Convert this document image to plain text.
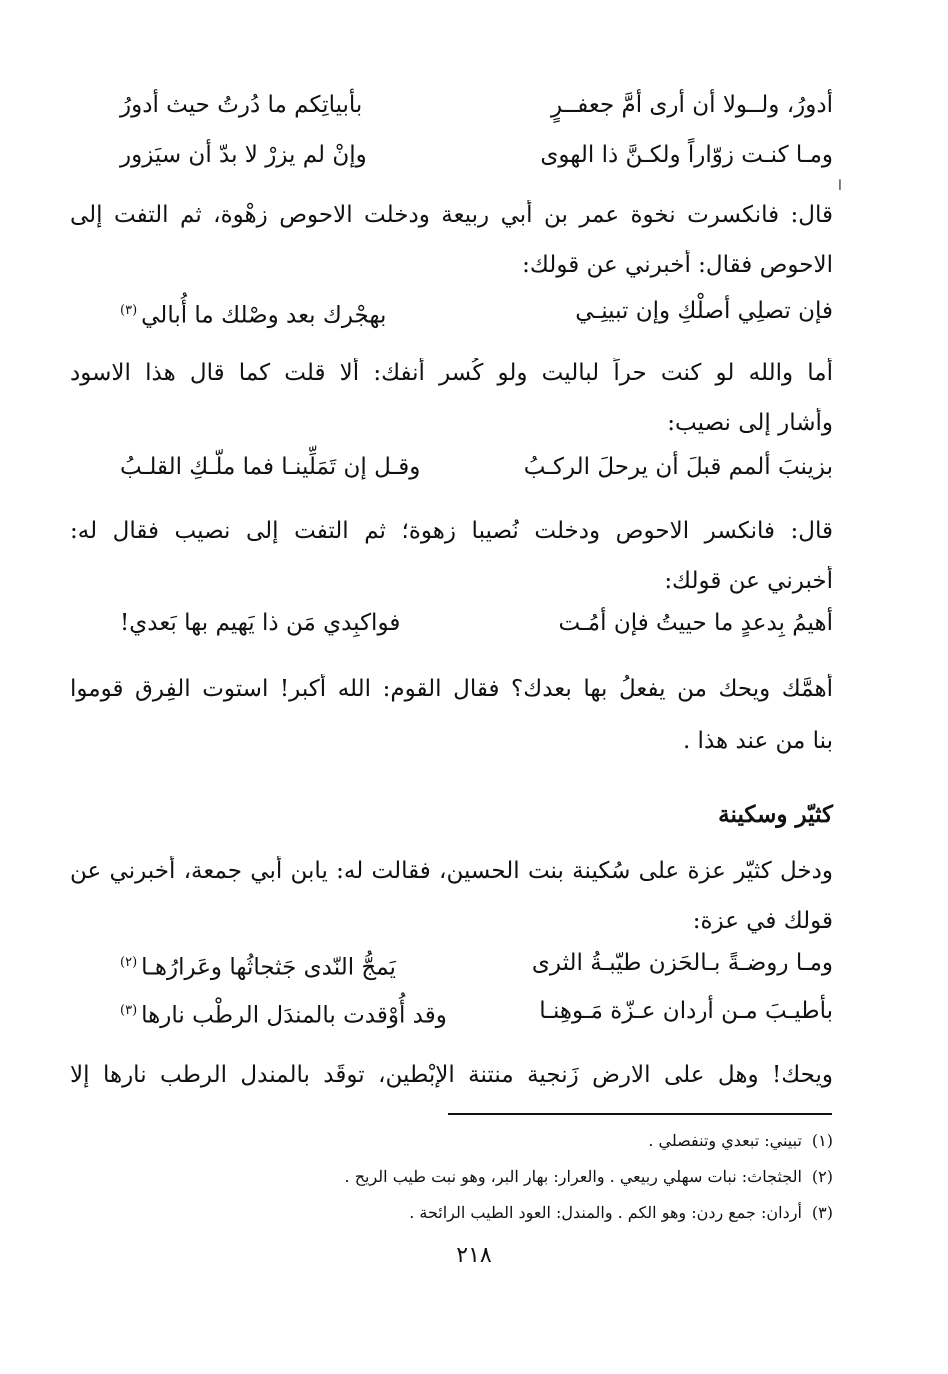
أدورُ، ولــولا أن أرى أمَّ جعفــرٍ
بأبياتِكم ما دُرتُ حيث أدورُ
ومـا كنـت زوّاراً ولكـنَّ ذا الهوى
وإنْ لم يزرْ لا بدّ أن سيَزور
ا
قال: فانكسرت نخوة عمر بن أبي ربيعة ودخلت الاحوص زهْوة، ثم التفت إلى
الاحوص فقال: أخبرني عن قولك:
فإن تصلِي أصلْكِ وإن تبينِـي
بهجْرك بعد وصْلك ما أُبالي$^{(٣)}$
أما والله لو كنت حراً لباليت ولو كُسر أنفك: ألا قلت كما قال هذا الاسود
وأشار إلى نصيب:
بزينبَ ألمم قبلَ أن يرحلَ الركـبُ
وقـل إن تَمَلِّينـا فما ملّـكِ القلـبُ
قال: فانكسر الاحوص ودخلت نُصيبا زهوة؛ ثم التفت إلى نصيب فقال له:
أخبرني عن قولك:
أهيمُ بِدعدٍ ما حييتُ فإن أمُـت
فواكبِدي مَن ذا يَهيم بها بَعدي!
أهمَّك ويحك من يفعلُ بها بعدك؟ فقال القوم: الله أكبر! استوت الفِرق قوموا
بنا من عند هذا .
كثيّر وسكينة
ودخل كثيّر عزة على سُكينة بنت الحسين، فقالت له: يابن أبي جمعة، أخبرني عن
قولك في عزة:
ومـا روضـةً بـالحَزن طيّبـةُ الثرى
يَمجُّ النّدى جَثجاثُها وعَرارُهـا$^{(٢)}$
بأطيـبَ مـن أردان عـزّة مَـوهِنـا
وقد أُوْقدت بالمندَل الرطْب نارها$^{(٣)}$
ويحك! وهل على الارض زَنجية منتنة الإبْطين، توقَد بالمندل الرطب نارها إلا
(١)تبيني: تبعدي وتنفصلي .
(٢)الجثجاث: نبات سهلي ربيعي . والعرار: بهار البر، وهو نبت طيب الريح .
(٣)أردان: جمع ردن: وهو الكم . والمندل: العود الطيب الرائحة .
٢١٨
